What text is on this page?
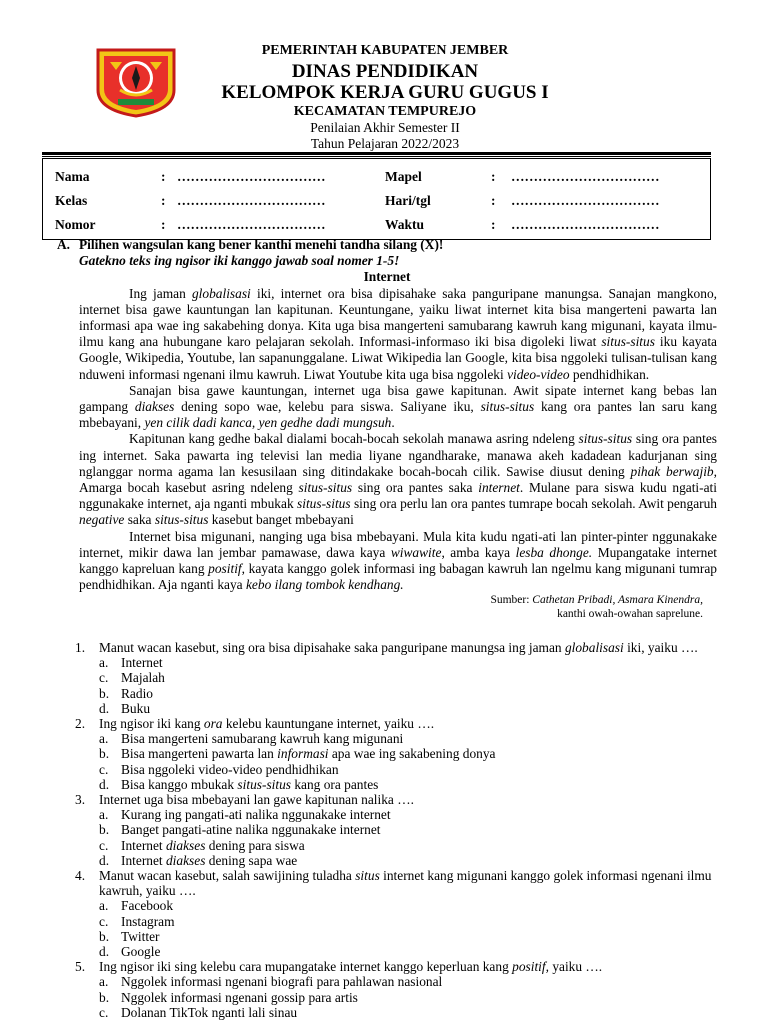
PEMERINTAH KABUPATEN JEMBER
DINAS PENDIDIKAN
KELOMPOK KERJA GURU GUGUS I
KECAMATAN TEMPUREJO
Penilaian Akhir Semester II
Tahun Pelajaran 2022/2023
Nama	: ……………………………	Mapel	: ……………………………
Kelas	: ……………………………	Hari/tgl	: ……………………………
Nomor	: ……………………………	Waktu	: ……………………………
A. Pilihen wangsulan kang bener kanthi menehi tandha silang (X)!
Gatekno teks ing ngisor iki kanggo jawab soal nomer 1-5!
Internet

Ing jaman globalisasi iki, internet ora bisa dipisahake saka panguripane manungsa. Sanajan mangkono, internet bisa gawe kauntungan lan kapitunan. Keuntungane, yaiku liwat internet kita bisa mangerteni pawarta lan informasi apa wae ing sakabehing donya. Kita uga bisa mangerteni samubarang kawruh kang migunani, kayata ilmu-ilmu kang ana hubungane karo pelajaran sekolah. Informasi-informaso iki bisa digoleki liwat situs-situs iku kayata Google, Wikipedia, Youtube, lan sapanunggalane. Liwat Wikipedia lan Google, kita bisa nggoleki tulisan-tulisan kang nduweni informasi ngenani ilmu kawruh. Liwat Youtube kita uga bisa nggoleki video-video pendhidhikan.

Sanajan bisa gawe kauntungan, internet uga bisa gawe kapitunan. Awit sipate internet kang bebas lan gampang diakses dening sopo wae, kelebu para siswa. Saliyane iku, situs-situs kang ora pantes lan saru kang mbebayani, yen cilik dadi kanca, yen gedhe dadi mungsuh.

Kapitunan kang gedhe bakal dialami bocah-bocah sekolah manawa asring ndeleng situs-situs sing ora pantes ing internet. Saka pawarta ing televisi lan media liyane ngandharake, manawa akeh kadadean kadurjanan sing nglanggar norma agama lan kesusilaan sing ditindakake bocah-bocah cilik. Sawise diusut dening pihak berwajib, Amarga bocah kasebut asring ndeleng situs-situs sing ora pantes saka internet. Mulane para siswa kudu ngati-ati nggunakake internet, aja nganti mbukak situs-situs sing ora perlu lan ora pantes tumrape bocah sekolah. Awit pengaruh negative saka situs-situs kasebut banget mbebayani

Internet bisa migunani, nanging uga bisa mbebayani. Mula kita kudu ngati-ati lan pinter-pinter nggunakake internet, mikir dawa lan jembar pamawase, dawa kaya wiwawite, amba kaya lesba dhonge. Mupangatake internet kanggo kapreluan kang positif, kayata kanggo golek informasi ing babagan kawruh lan ngelmu kang migunani tumrap pendhidhikan. Aja nganti kaya kebo ilang tombok kendhang.

Sumber: Cathetan Pribadi, Asmara Kinendra,
kanthi owah-owahan saprelune.
1. Manut wacan kasebut, sing ora bisa dipisahake saka panguripane manungsa ing jaman globalisasi iki, yaiku ….
a. Internet
c. Majalah
b. Radio
d. Buku
2. Ing ngisor iki kang ora kelebu kauntungane internet, yaiku ….
a. Bisa mangerteni samubarang kawruh kang migunani
b. Bisa mangerteni pawarta lan informasi apa wae ing sakabening donya
c. Bisa nggoleki video-video pendhidhikan
d. Bisa kanggo mbukak situs-situs kang ora pantes
3. Internet uga bisa mbebayani lan gawe kapitunan nalika ….
a. Kurang ing pangati-ati nalika nggunakake internet
b. Banget pangati-atine nalika nggunakake internet
c. Internet diakses dening para siswa
d. Internet diakses dening sapa wae
4. Manut wacan kasebut, salah sawijining tuladha situs internet kang migunani kanggo golek informasi ngenani ilmu kawruh, yaiku ….
a. Facebook
c. Instagram
b. Twitter
d. Google
5. Ing ngisor iki sing kelebu cara mupangatake internet kanggo keperluan kang positif, yaiku ….
a. Nggolek informasi ngenani biografi para pahlawan nasional
b. Nggolek informasi ngenani gossip para artis
c. Dolanan TikTok nganti lali sinau
